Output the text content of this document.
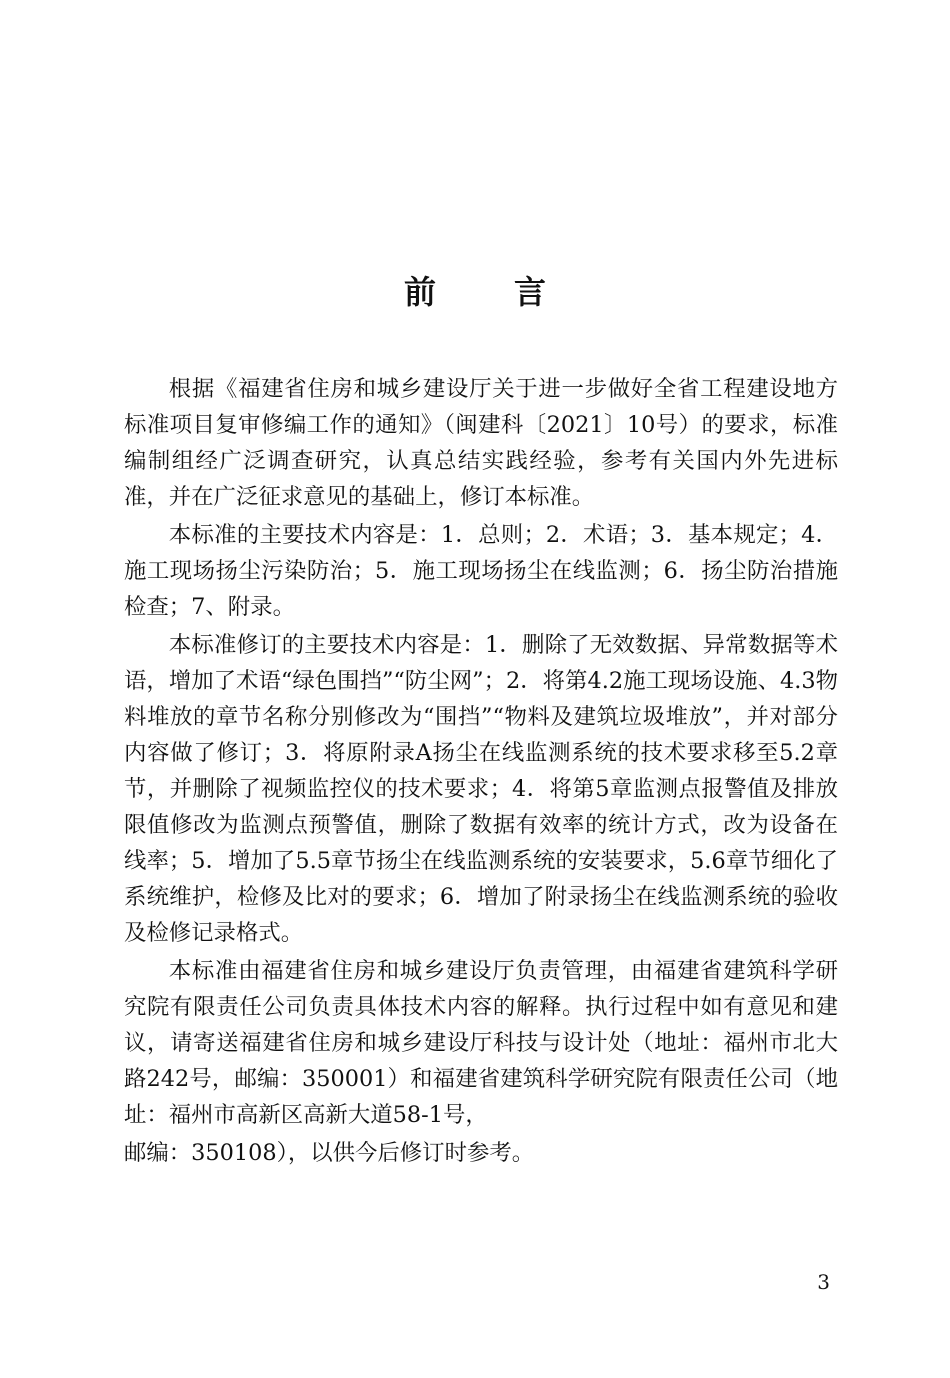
前 言

根据《福建省住房和城乡建设厅关于进一步做好全省工程建设地方标准项目复审修编工作的通知》（闽建科〔2021〕10号）的要求，标准编制组经广泛调查研究，认真总结实践经验，参考有关国内外先进标准，并在广泛征求意见的基础上，修订本标准。

本标准的主要技术内容是：1．总则；2．术语；3．基本规定；4．施工现场扬尘污染防治；5．施工现场扬尘在线监测；6．扬尘防治措施检查；7、附录。

本标准修订的主要技术内容是：1．删除了无效数据、异常数据等术语，增加了术语“绿色围挡”“防尘网”；2．将第4.2施工现场设施、4.3物料堆放的章节名称分别修改为“围挡”“物料及建筑垃圾堆放”，并对部分内容做了修订；3．将原附录A扬尘在线监测系统的技术要求移至5.2章节，并删除了视频监控仪的技术要求；4．将第5章监测点报警值及排放限值修改为监测点预警值，删除了数据有效率的统计方式，改为设备在线率；5．增加了5.5章节扬尘在线监测系统的安装要求，5.6章节细化了系统维护，检修及比对的要求；6．增加了附录扬尘在线监测系统的验收及检修记录格式。

本标准由福建省住房和城乡建设厅负责管理，由福建省建筑科学研究院有限责任公司负责具体技术内容的解释。执行过程中如有意见和建议，请寄送福建省住房和城乡建设厅科技与设计处（地址：福州市北大路242号，邮编：350001）和福建省建筑科学研究院有限责任公司（地址：福州市高新区高新大道58-1号，

邮编：350108），以供今后修订时参考。

3
